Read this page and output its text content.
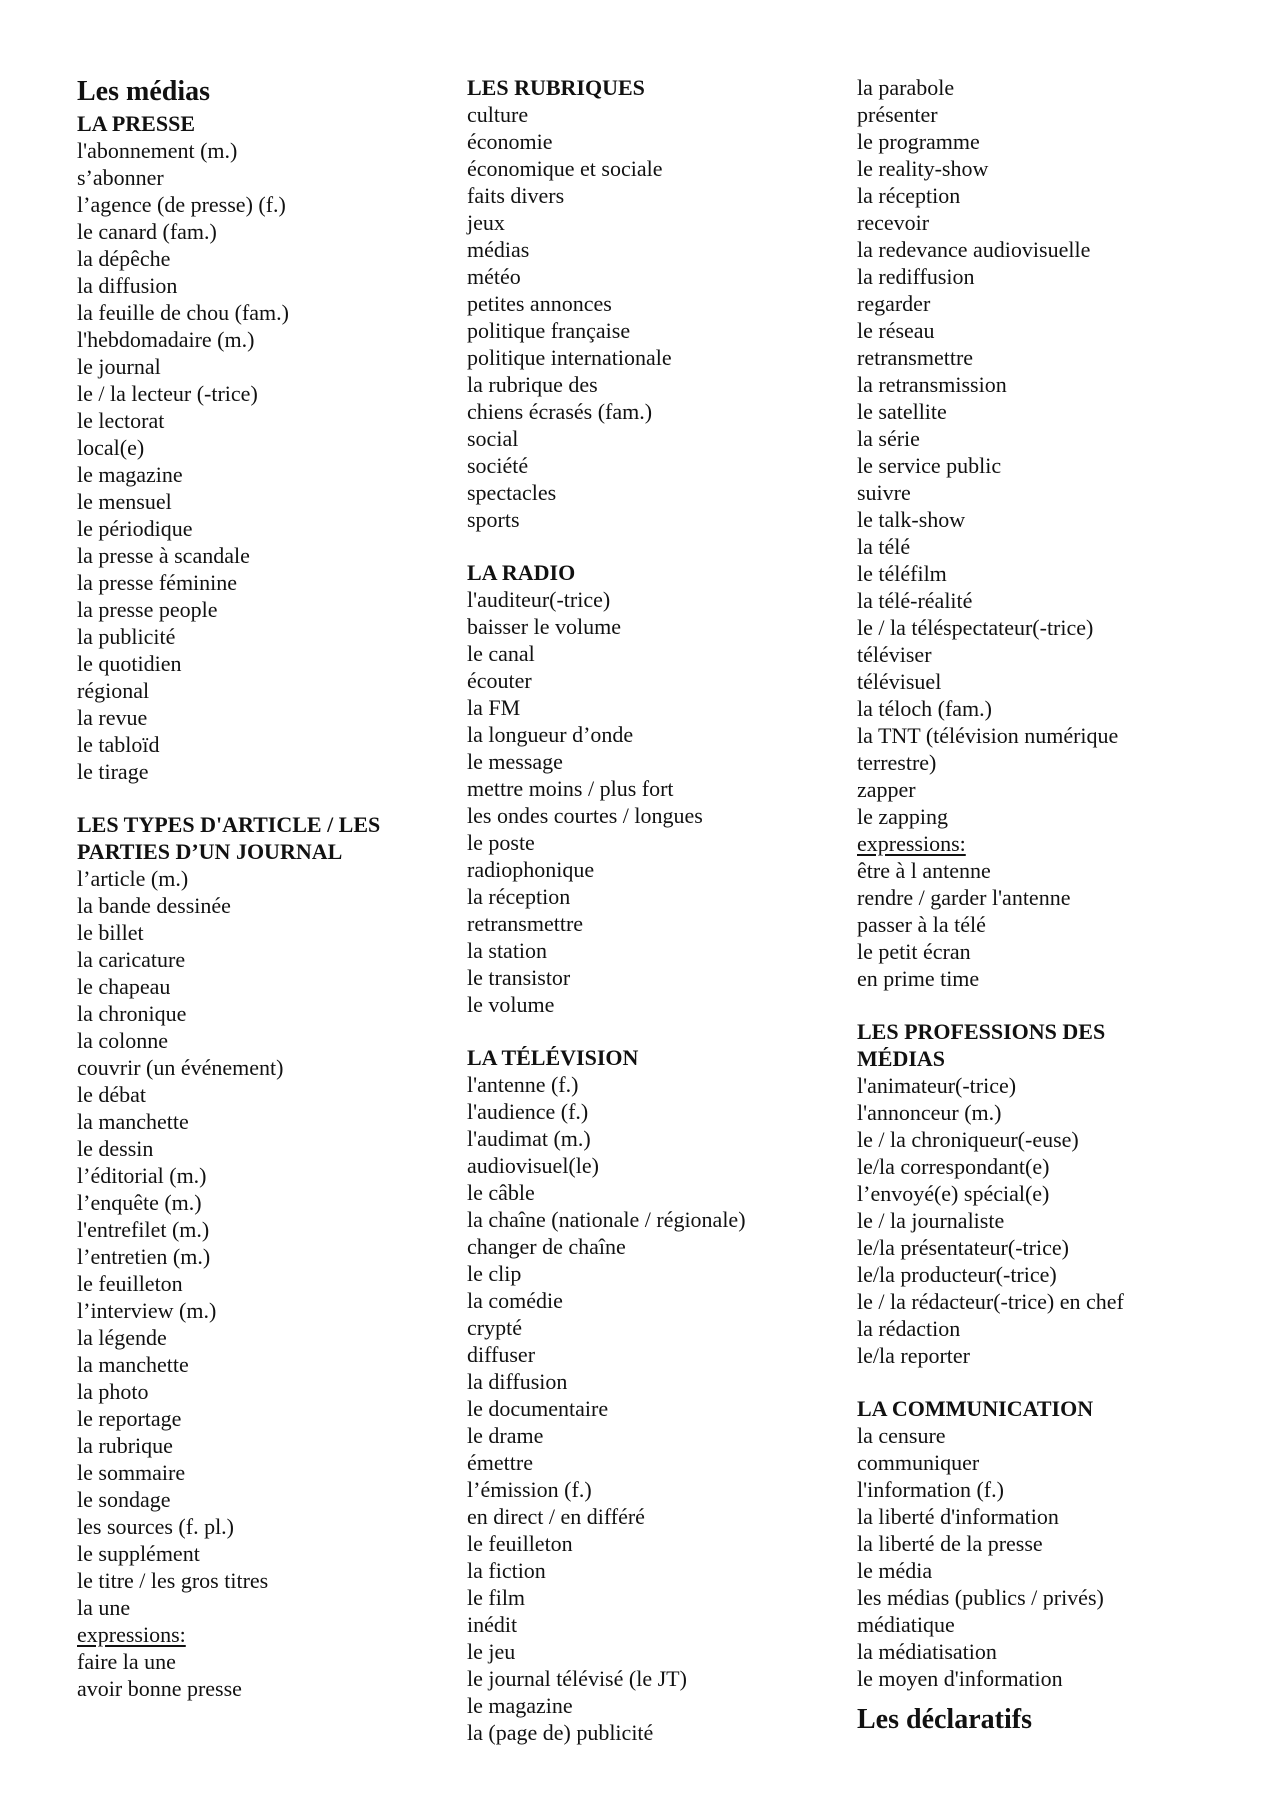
Les médias
LA PRESSE
l'abonnement (m.)
s’abonner
l’agence (de presse) (f.)
le canard (fam.)
la dépêche
la diffusion
la feuille de chou (fam.)
l'hebdomadaire (m.)
le journal
le / la lecteur (-trice)
le lectorat
local(e)
le magazine
le mensuel
le périodique
la presse à scandale
la presse féminine
la presse people
la publicité
le quotidien
régional
la revue
le tabloïd
le tirage
LES TYPES D'ARTICLE / LES
PARTIES D’UN JOURNAL
l’article (m.)
la bande dessinée
le billet
la caricature
le chapeau
la chronique
la colonne
couvrir (un événement)
le débat
la manchette
le dessin
l’éditorial (m.)
l’enquête (m.)
l'entrefilet (m.)
l’entretien (m.)
le feuilleton
l’interview (m.)
la légende
la manchette
la photo
le reportage
la rubrique
le sommaire
le sondage
les sources (f. pl.)
le supplément
le titre / les gros titres
la une
expressions:
faire la une
avoir bonne presse
LES RUBRIQUES
culture
économie
économique et sociale
faits divers
jeux
médias
météo
petites annonces
politique française
politique internationale
la rubrique des
chiens écrasés (fam.)
social
société
spectacles
sports
LA RADIO
l'auditeur(-trice)
baisser le volume
le canal
écouter
la FM
la longueur d’onde
le message
mettre moins / plus fort
les ondes courtes / longues
le poste
radiophonique
la réception
retransmettre
la station
le transistor
le volume
LA TÉLÉVISION
l'antenne (f.)
l'audience (f.)
l'audimat (m.)
audiovisuel(le)
le câble
la chaîne (nationale / régionale)
changer de chaîne
le clip
la comédie
crypté
diffuser
la diffusion
le documentaire
le drame
émettre
l’émission (f.)
en direct / en différé
le feuilleton
la fiction
le film
inédit
le jeu
le journal télévisé (le JT)
le magazine
la (page de) publicité
la parabole
présenter
le programme
le reality-show
la réception
recevoir
la redevance audiovisuelle
la rediffusion
regarder
le réseau
retransmettre
la retransmission
le satellite
la série
le service public
suivre
le talk-show
la télé
le téléfilm
la télé-réalité
le / la téléspectateur(-trice)
téléviser
télévisuel
la téloch (fam.)
la TNT (télévision numérique
terrestre)
zapper
le zapping
expressions:
être à l antenne
rendre / garder l'antenne
passer à la télé
le petit écran
en prime time
LES PROFESSIONS DES
MÉDIAS
l'animateur(-trice)
l'annonceur (m.)
le / la chroniqueur(-euse)
le/la correspondant(e)
l’envoyé(e) spécial(e)
le / la journaliste
le/la présentateur(-trice)
le/la producteur(-trice)
le / la rédacteur(-trice) en chef
la rédaction
le/la reporter
LA COMMUNICATION
la censure
communiquer
l'information (f.)
la liberté d'information
la liberté de la presse
le média
les médias (publics / privés)
médiatique
la médiatisation
le moyen d'information
Les déclaratifs
